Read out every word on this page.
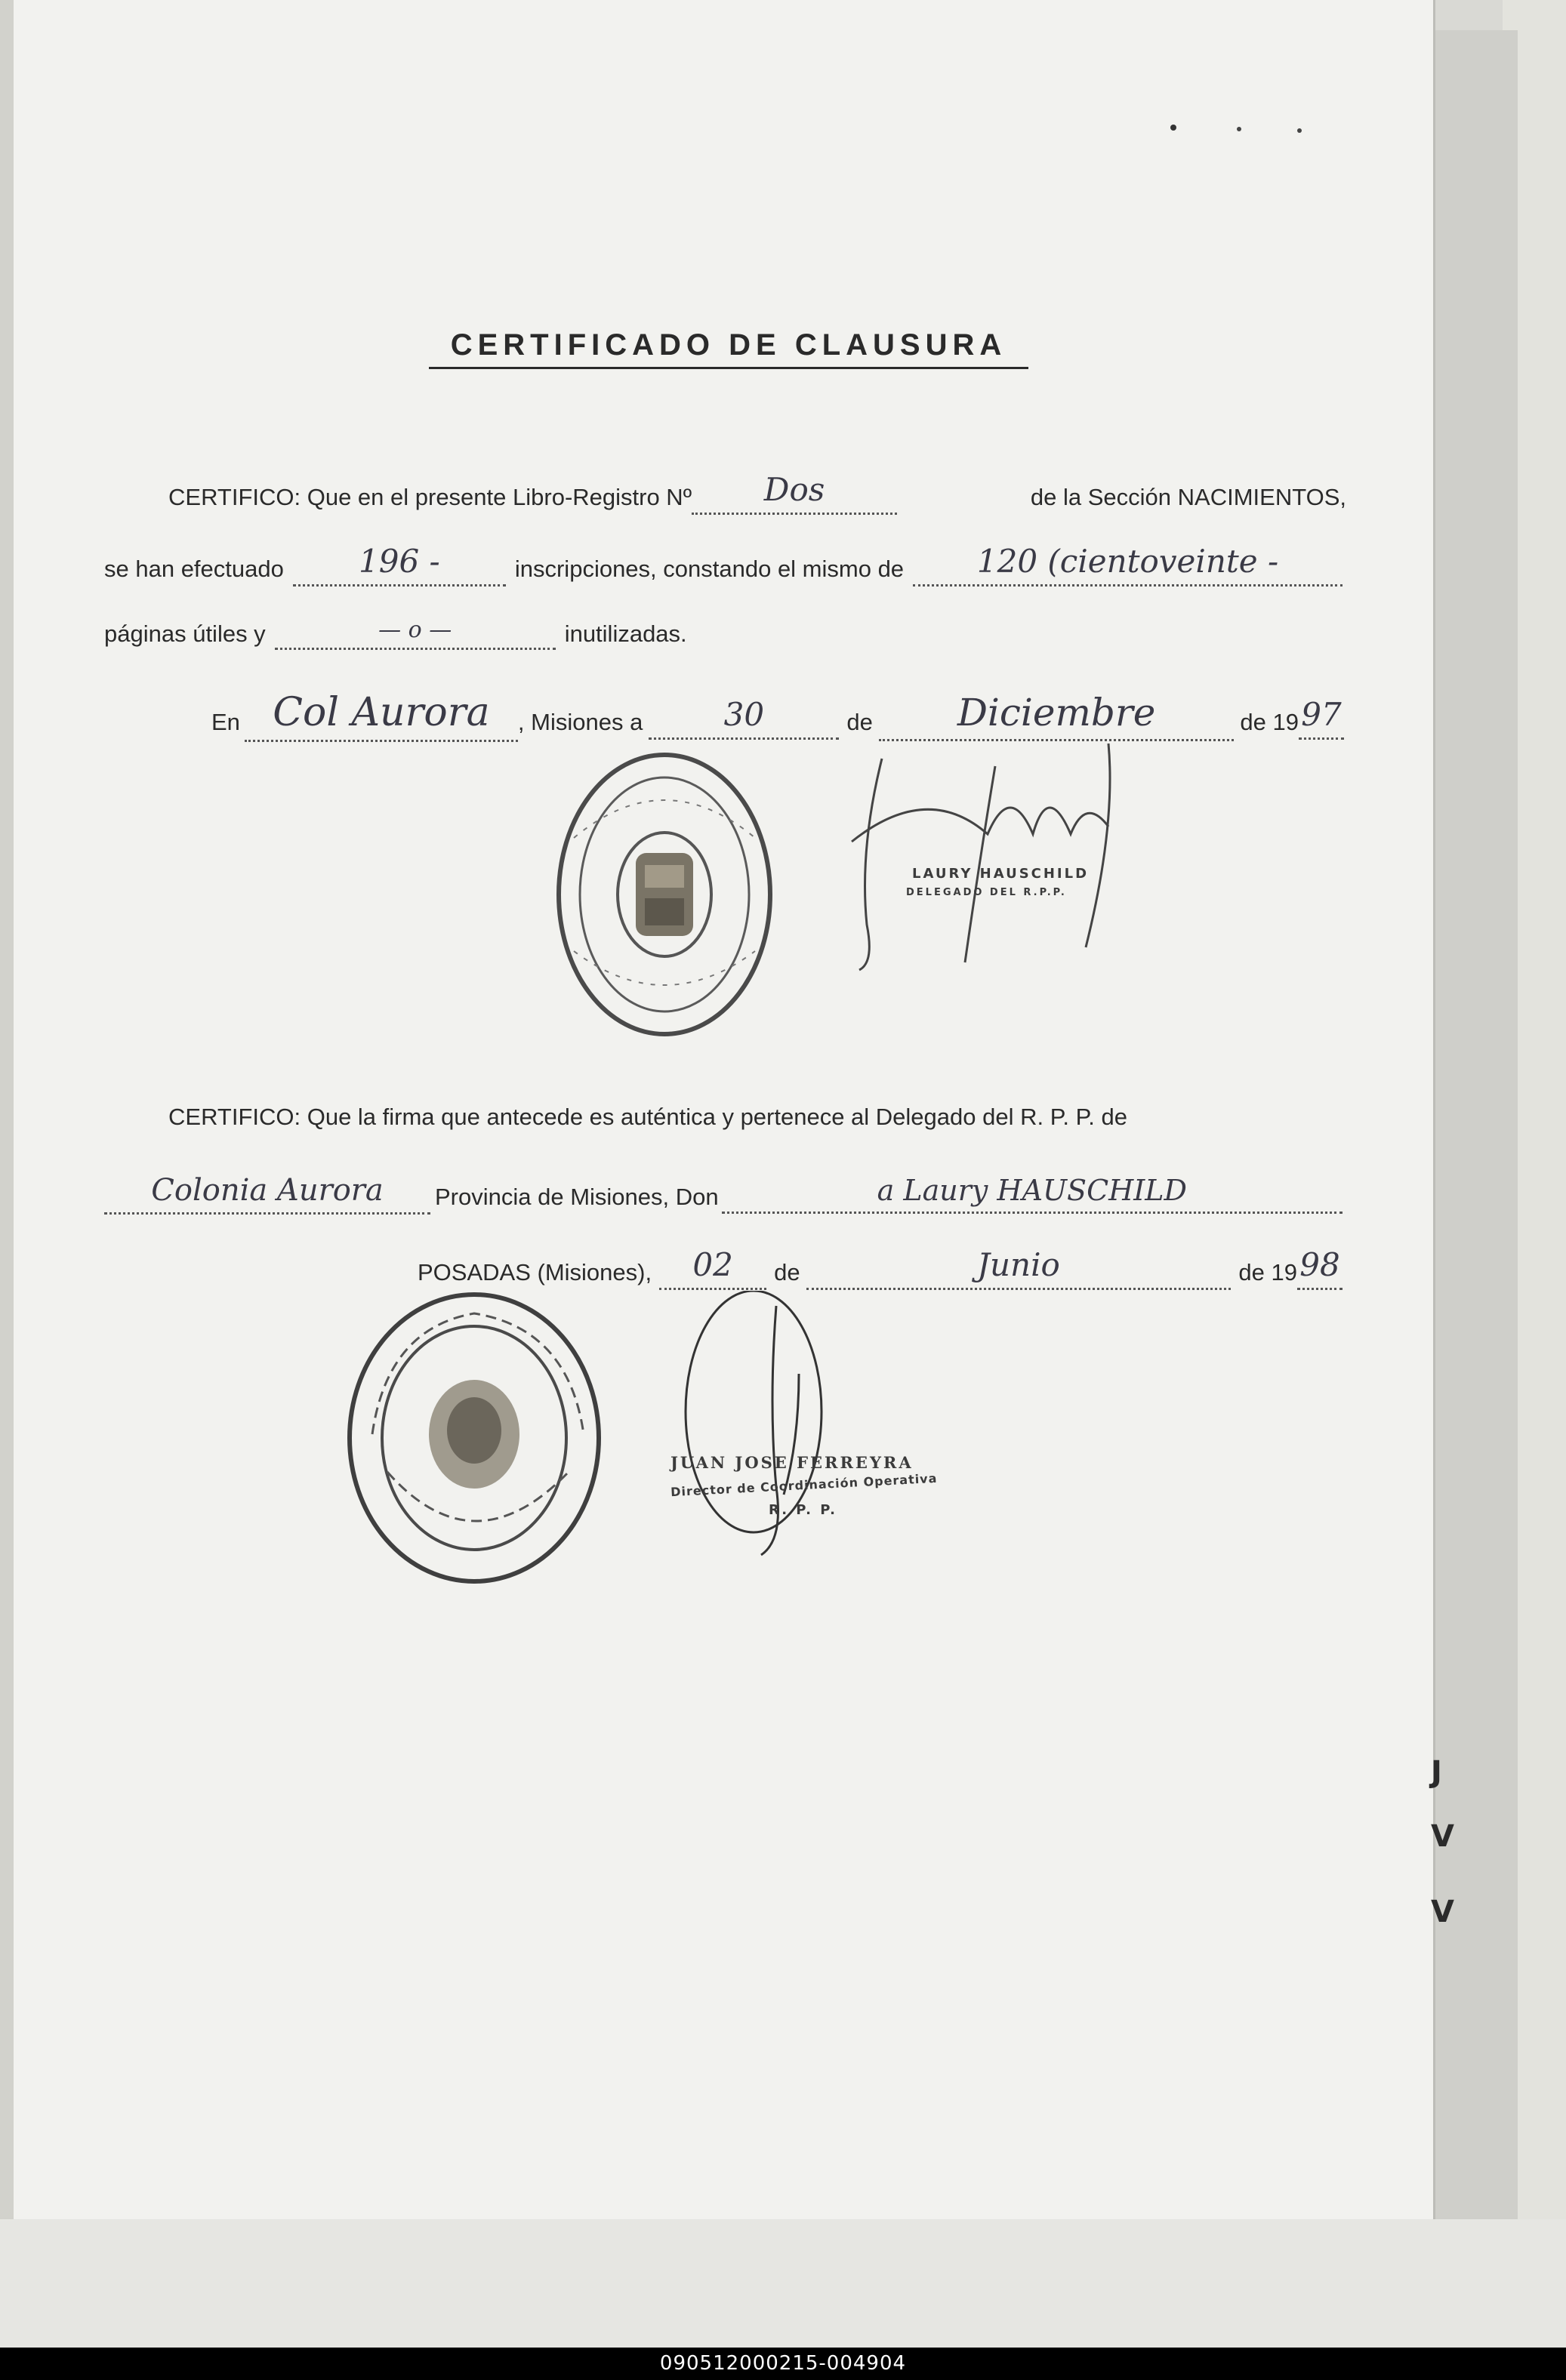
CERTIFICADO DE CLAUSURA
CERTIFICO: Que en el presente Libro-Registro Nº	Dos	de la Sección NACIMIENTOS,
se han efectuado	196 -	inscripciones, constando el mismo de	120 (cientoveinte -
páginas útiles y	— o —	inutilizadas.
En Col Aurora	, Misiones a	30	de	Diciembre	de 19 97
LAURY HAUSCHILD
DELEGADO DEL R.P.P.
CERTIFICO: Que la firma que antecede es auténtica y pertenece al Delegado del R. P. P. de
Colonia Aurora	Provincia de Misiones, Don	a Laury HAUSCHILD
POSADAS (Misiones),	02	de	Junio	de 19 98
JUAN JOSE FERREYRA
Director de Coordinación Operativa
R. P. P.
J
V
V
090512000215-004904
